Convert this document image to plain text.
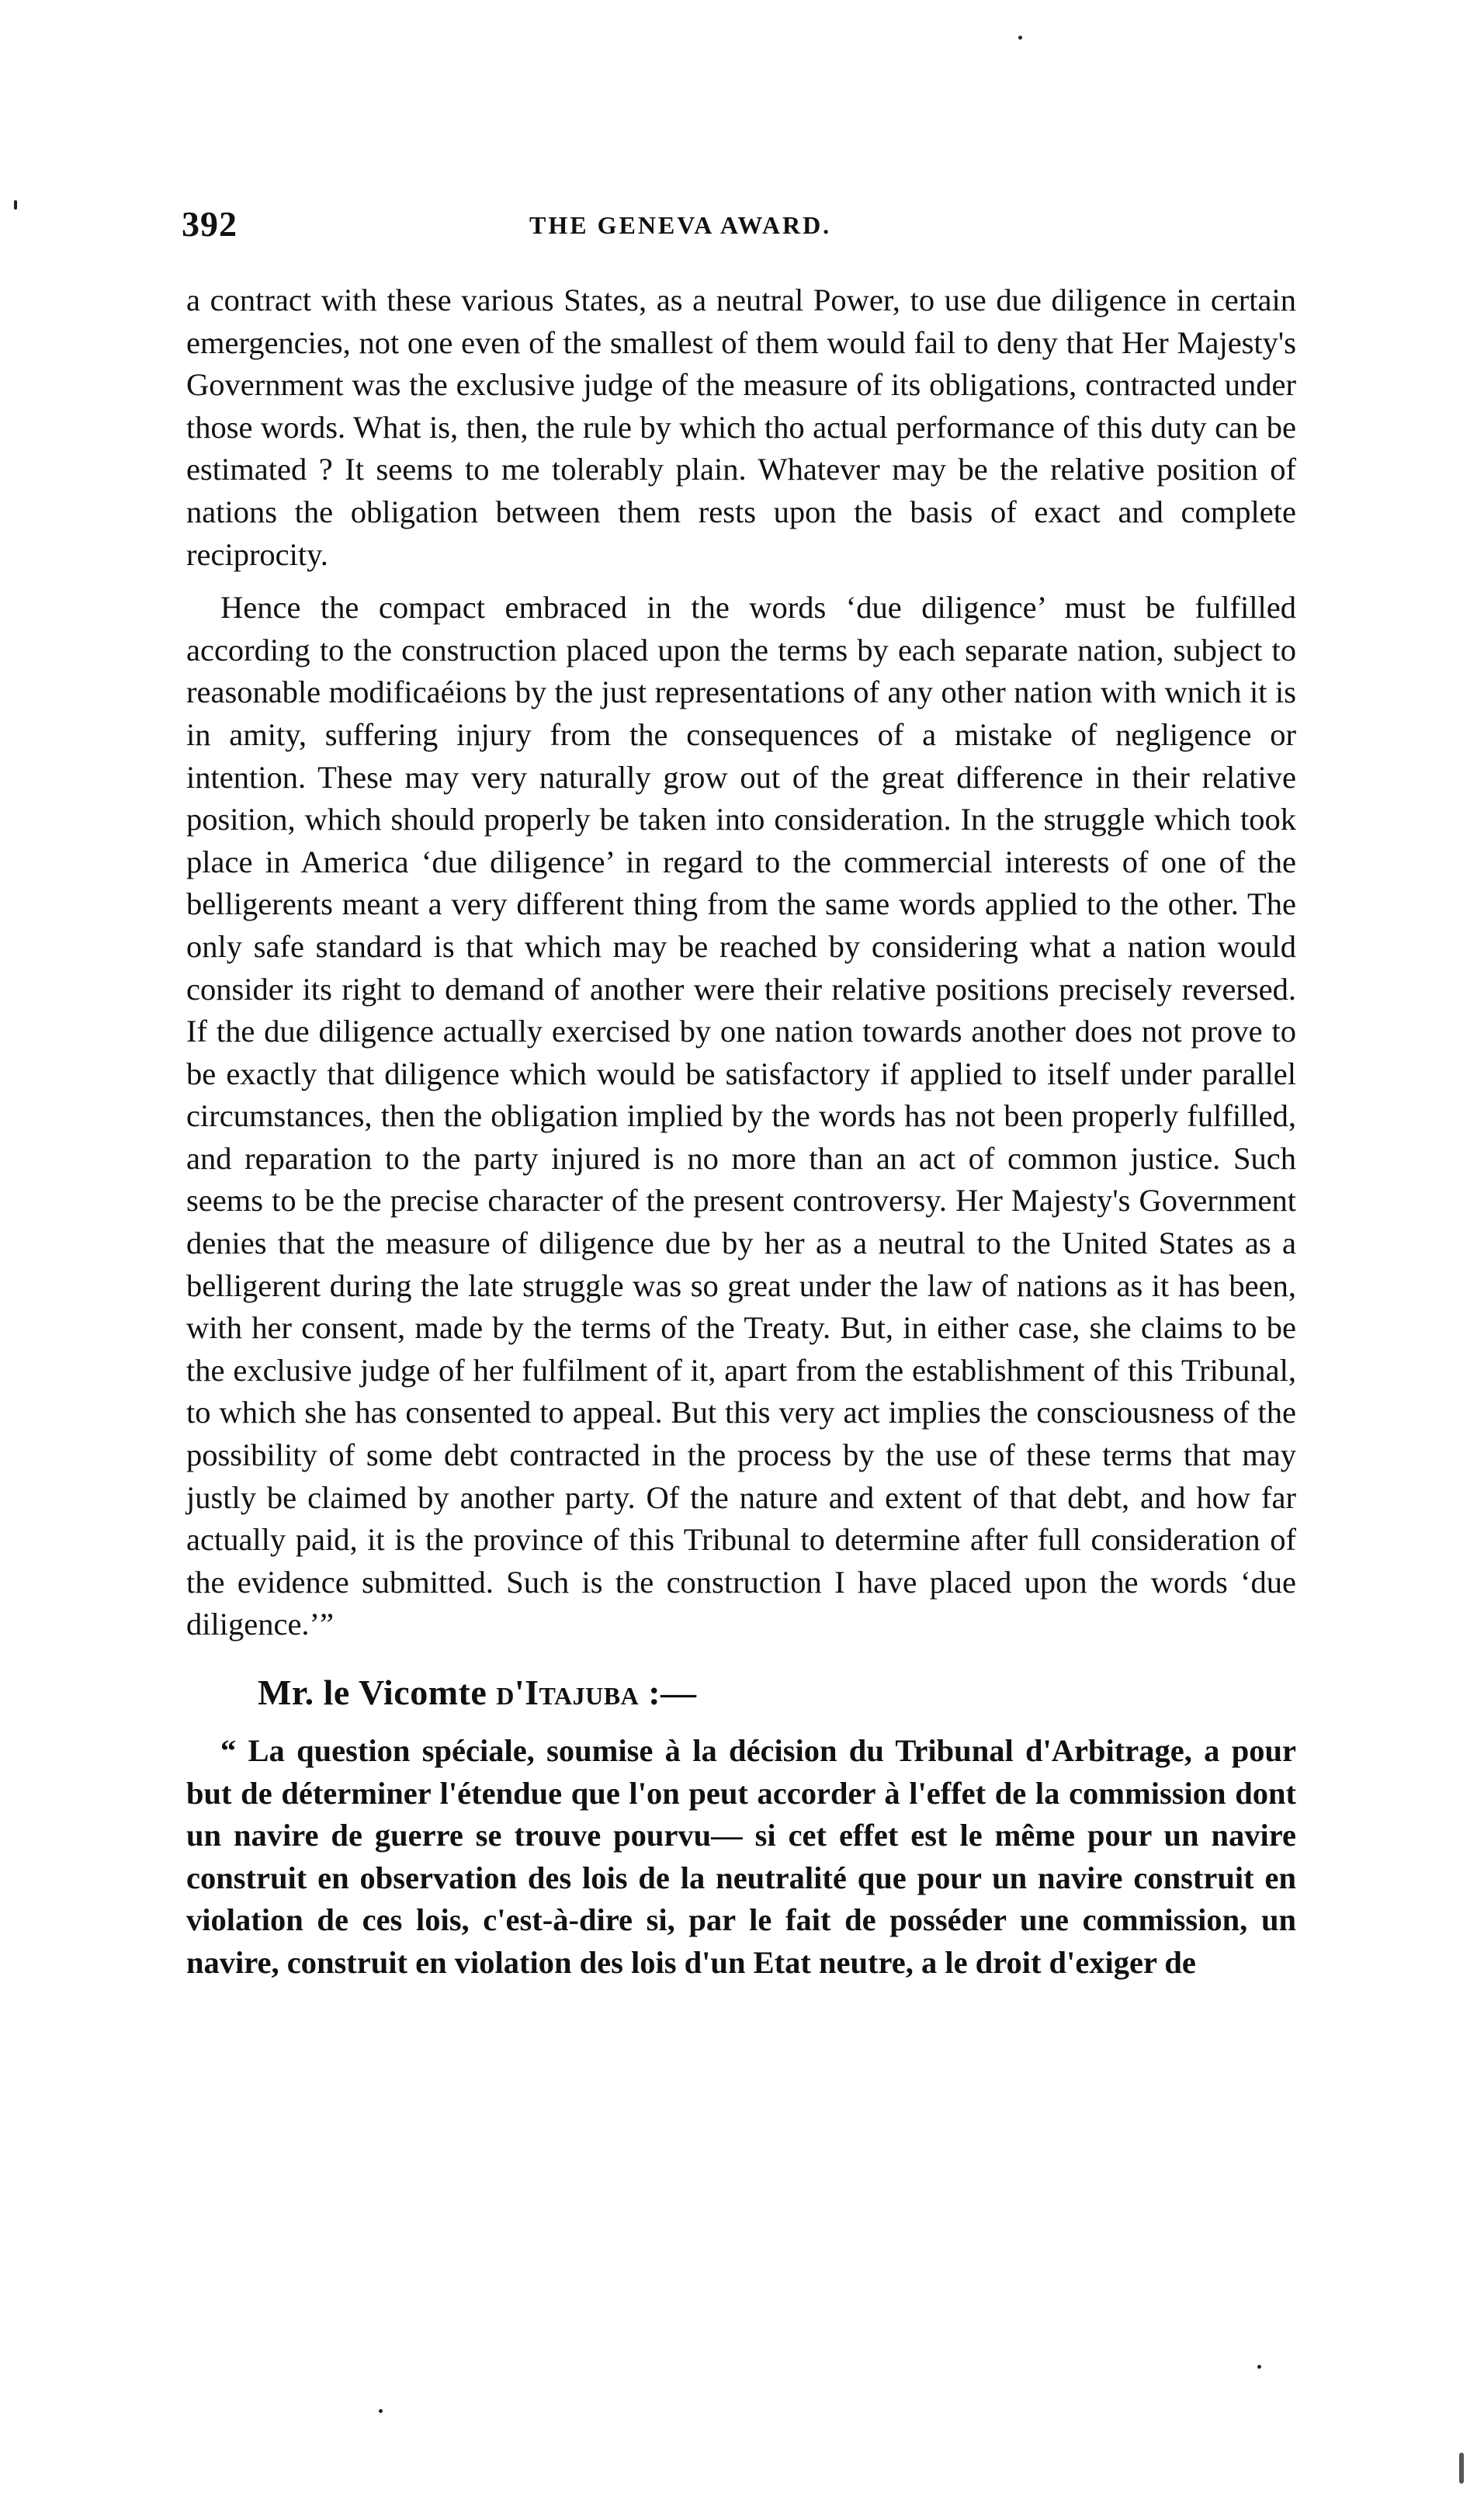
392	THE GENEVA AWARD.

a contract with these various States, as a neutral Power, to use due diligence in certain emergencies, not one even of the smallest of them would fail to deny that Her Majesty's Government was the exclusive judge of the measure of its obligations, contracted under those words. What is, then, the rule by which tho actual performance of this duty can be estimated ? It seems to me tolerably plain. Whatever may be the relative position of nations the obligation between them rests upon the basis of exact and complete reciprocity.

Hence the compact embraced in the words ‘due diligence’ must be fulfilled according to the construction placed upon the terms by each separate nation, subject to reasonable modificaéions by the just representations of any other nation with wnich it is in amity, suffering injury from the consequences of a mistake of negligence or intention. These may very naturally grow out of the great difference in their relative position, which should properly be taken into consideration. In the struggle which took place in America ‘due diligence’ in regard to the commercial interests of one of the belligerents meant a very different thing from the same words applied to the other. The only safe standard is that which may be reached by considering what a nation would consider its right to demand of another were their relative positions precisely reversed. If the due diligence actually exercised by one nation towards another does not prove to be exactly that diligence which would be satisfactory if applied to itself under parallel circumstances, then the obligation implied by the words has not been properly fulfilled, and reparation to the party injured is no more than an act of common justice. Such seems to be the precise character of the present controversy. Her Majesty's Government denies that the measure of diligence due by her as a neutral to the United States as a belligerent during the late struggle was so great under the law of nations as it has been, with her consent, made by the terms of the Treaty. But, in either case, she claims to be the exclusive judge of her fulfilment of it, apart from the establishment of this Tribunal, to which she has consented to appeal. But this very act implies the consciousness of the possibility of some debt contracted in the process by the use of these terms that may justly be claimed by another party. Of the nature and extent of that debt, and how far actually paid, it is the province of this Tribunal to determine after full consideration of the evidence submitted. Such is the construction I have placed upon the words ‘due diligence.’”

Mr. le Vicomte d'Itajuba :—

“ La question spéciale, soumise à la décision du Tribunal d'Arbitrage, a pour but de déterminer l'étendue que l'on peut accorder à l'effet de la commission dont un navire de guerre se trouve pourvu— si cet effet est le même pour un navire construit en observation des lois de la neutralité que pour un navire construit en violation de ces lois, c'est-à-dire si, par le fait de posséder une commission, un navire, construit en violation des lois d'un Etat neutre, a le droit d'exiger de
